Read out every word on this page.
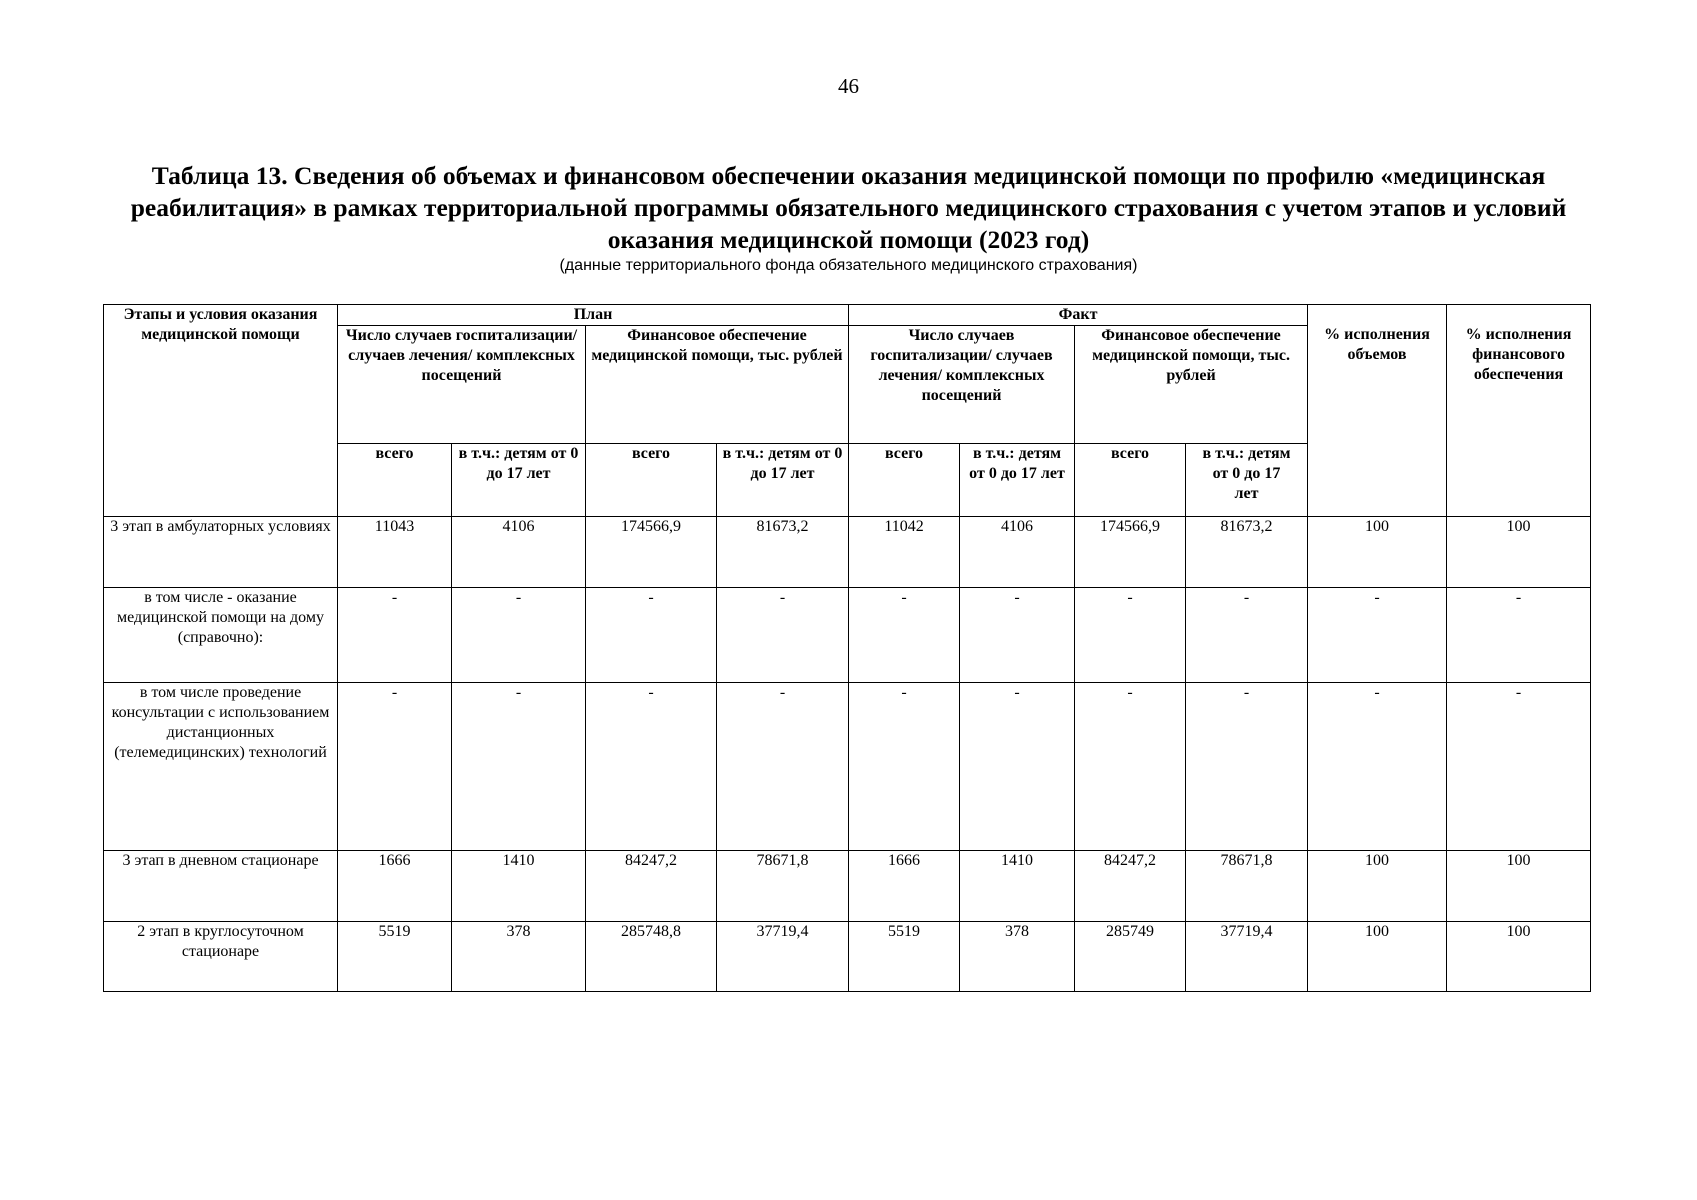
46

Таблица 13. Сведения об объемах и финансовом обеспечении оказания медицинской помощи по профилю «медицинская реабилитация» в рамках территориальной программы обязательного медицинского страхования с учетом этапов и условий оказания медицинской помощи (2023 год)

(данные территориального фонда обязательного медицинского страхования)

Этапы и условия оказания медицинской помощи	План				Факт				% исполнения объемов	% исполнения финансового обеспечения

	Число случаев госпитализации/ случаев лечения/ комплексных посещений		Финансовое обеспечение медицинской помощи, тыс. рублей		Число случаев госпитализации/ случаев лечения/ комплексных посещений		Финансовое обеспечение медицинской помощи, тыс. рублей			
	всего	в т.ч.: детям от 0 до 17 лет	всего	в т.ч.: детям от 0 до 17 лет	всего	в т.ч.: детям от 0 до 17 лет	всего	в т.ч.: детям от 0 до 17 лет		

3 этап в амбулаторных условиях	11043	4106	174566,9	81673,2	11042	4106	174566,9	81673,2	100	100
в том числе - оказание медицинской помощи на дому (справочно):	-	-	-	-	-	-	-	-	-	-
в том числе проведение консультации с использованием дистанционных (телемедицинских) технологий	-	-	-	-	-	-	-	-	-	-
3 этап в дневном стационаре	1666	1410	84247,2	78671,8	1666	1410	84247,2	78671,8	100	100
2 этап в круглосуточном стационаре	5519	378	285748,8	37719,4	5519	378	285749	37719,4	100	100
